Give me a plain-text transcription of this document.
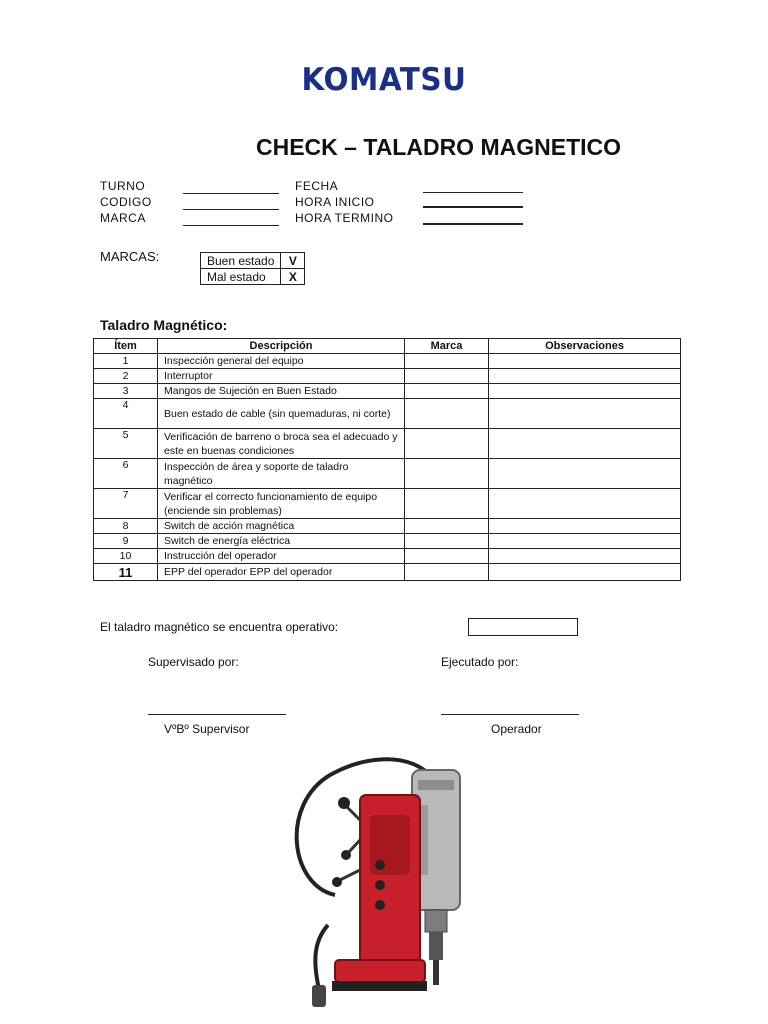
KOMATSU
CHECK – TALADRO MAGNETICO
TURNO
CODIGO
MARCA
FECHA
HORA INICIO
HORA TERMINO
MARCAS:	Buen estado	V
Mal estado	X
Taladro Magnético:
Ítem	Descripción	Marca	Observaciones
1	Inspección general del equipo		
2	Interruptor		
3	Mangos de Sujeción en Buen Estado		
4	Buen estado de cable (sin quemaduras, ni corte)		
5	Verificación de barreno o broca sea el adecuado y este en buenas condiciones		
6	Inspección de área y soporte de taladro magnético		
7	Verificar el correcto funcionamiento de equipo (enciende sin problemas)		
8	Switch de acción magnética		
9	Switch de energía eléctrica		
10	Instrucción del operador		
11	EPP del operador EPP del operador		
El taladro magnético se encuentra operativo:
Supervisado por:	Ejecutado por:
VºBº Supervisor	Operador
